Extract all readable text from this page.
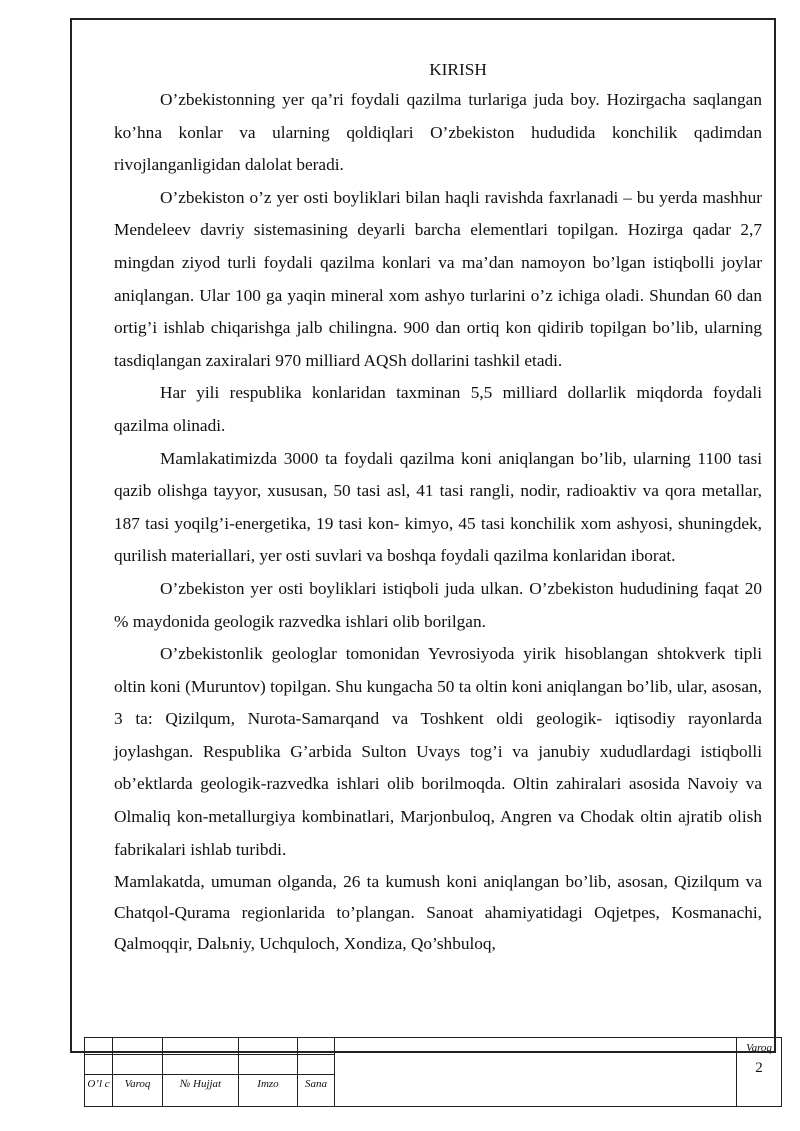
KIRISH

O’zbekistonning yer qa’ri foydali qazilma turlariga juda boy. Hozirgacha saqlangan ko’hna konlar va ularning qoldiqlari O’zbekiston hududida konchilik qadimdan rivojlanganligidan dalolat beradi.

O’zbekiston o’z yer osti boyliklari bilan haqli ravishda faxrlanadi – bu yerda mashhur Mendeleev davriy sistemasining deyarli barcha elementlari topilgan. Hozirga qadar 2,7 mingdan ziyod turli foydali qazilma konlari va ma’dan namoyon bo’lgan istiqbolli joylar aniqlangan. Ular 100 ga yaqin mineral xom ashyo turlarini o’z ichiga oladi. Shundan 60 dan ortig’i ishlab chiqarishga jalb chilingna. 900 dan ortiq kon qidirib topilgan bo’lib, ularning tasdiqlangan zaxiralari 970 milliard AQSh dollarini tashkil etadi.

Har yili respublika konlaridan taxminan 5,5 milliard dollarlik miqdorda foydali qazilma olinadi.

Mamlakatimizda 3000 ta foydali qazilma koni aniqlangan bo’lib, ularning 1100 tasi qazib olishga tayyor, xususan, 50 tasi asl, 41 tasi rangli, nodir, radioaktiv va qora metallar, 187 tasi yoqilg’i-energetika, 19 tasi kon- kimyo, 45 tasi konchilik xom ashyosi, shuningdek, qurilish materiallari, yer osti suvlari va boshqa foydali qazilma konlaridan iborat.

O’zbekiston yer osti boyliklari istiqboli juda ulkan. O’zbekiston hududining faqat 20 % maydonida geologik razvedka ishlari olib borilgan.

O’zbekistonlik geologlar tomonidan Yevrosiyoda yirik hisoblangan shtokverk tipli oltin koni (Muruntov) topilgan. Shu kungacha 50 ta oltin koni aniqlangan bo’lib, ular, asosan, 3 ta: Qizilqum, Nurota-Samarqand va Toshkent oldi geologik- iqtisodiy rayonlarda joylashgan. Respublika G’arbida Sulton Uvays tog’i va janubiy xududlardagi istiqbolli ob’ektlarda geologik-razvedka ishlari olib borilmoqda. Oltin zahiralari asosida Navoiy va Olmaliq kon-metallurgiya kombinatlari, Marjonbuloq, Angren va Chodak oltin ajratib olish fabrikalari ishlab turibdi.

Mamlakatda, umuman olganda, 26 ta kumush koni aniqlangan bo’lib, asosan, Qizilqum va Chatqol-Qurama regionlarida to’plangan. Sanoat ahamiyatidagi Oqjetpes, Kosmanachi, Qalmoqqir, Dalьniy, Uchquloch, Xondiza, Qo’shbuloq,

O’l c	Varoq	№ Hujjat	Imzo	Sana
Varoq
2
